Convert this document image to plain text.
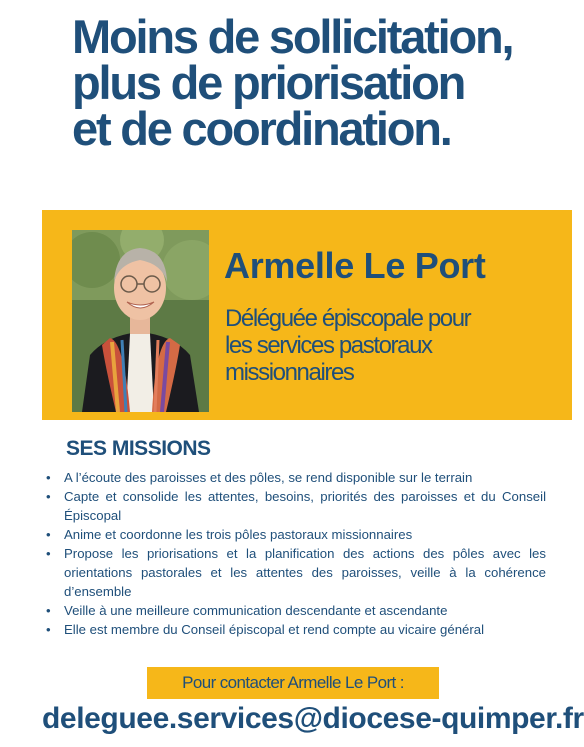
Moins de sollicitation,
plus de priorisation
et de coordination.
Armelle Le Port
Déléguée épiscopale pour
les services pastoraux
missionnaires
SES MISSIONS
• A l’écoute des paroisses et des pôles, se rend disponible sur le terrain
• Capte et consolide les attentes, besoins, priorités des paroisses et du Conseil Épiscopal
• Anime et coordonne les trois pôles pastoraux missionnaires
• Propose les priorisations et la planification des actions des pôles avec les orientations pastorales et les attentes des paroisses, veille à la cohérence d’ensemble
• Veille à une meilleure communication descendante et ascendante
• Elle est membre du Conseil épiscopal et rend compte au vicaire général
Pour contacter Armelle Le Port :
deleguee.services@diocese-quimper.fr
